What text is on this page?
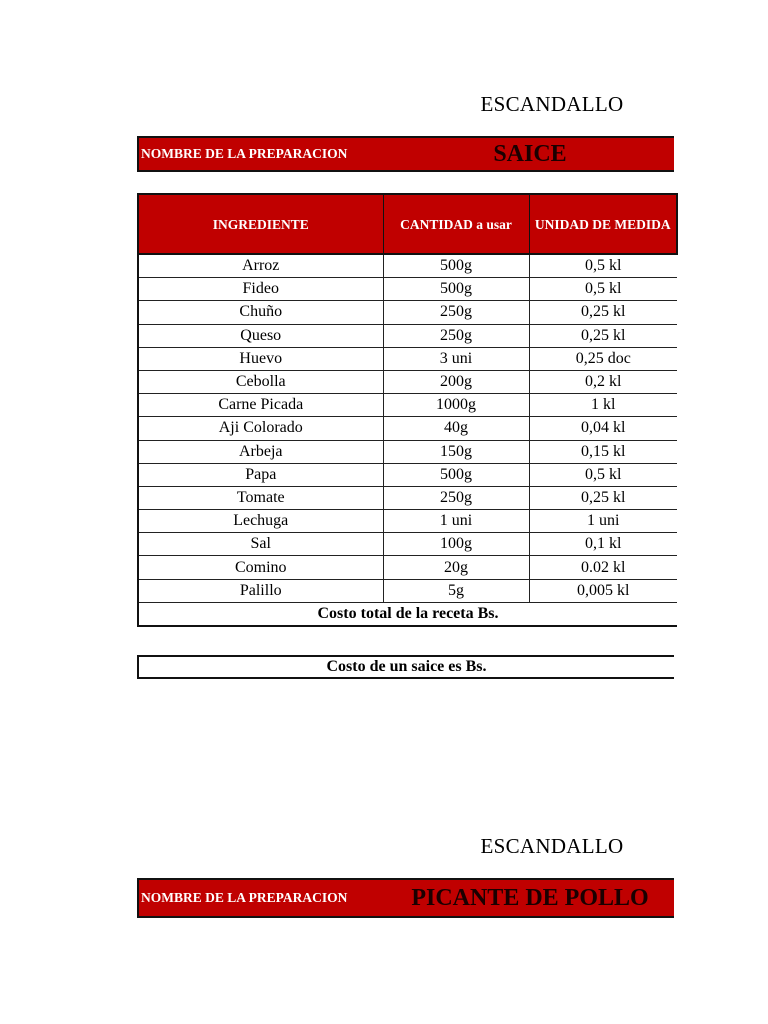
ESCANDALLO
NOMBRE DE LA PREPARACION	SAICE
INGREDIENTE	CANTIDAD a usar	UNIDAD DE MEDIDA
Arroz	500g	0,5 kl
Fideo	500g	0,5 kl
Chuño	250g	0,25 kl
Queso	250g	0,25 kl
Huevo	3 uni	0,25 doc
Cebolla	200g	0,2 kl
Carne Picada	1000g	1 kl
Aji Colorado	40g	0,04 kl
Arbeja	150g	0,15 kl
Papa	500g	0,5 kl
Tomate	250g	0,25 kl
Lechuga	1 uni	1 uni
Sal	100g	0,1 kl
Comino	20g	0.02 kl
Palillo	5g	0,005 kl
Costo total de la receta Bs.		
Costo de un saice es Bs.
ESCANDALLO
NOMBRE DE LA PREPARACION	PICANTE DE POLLO
